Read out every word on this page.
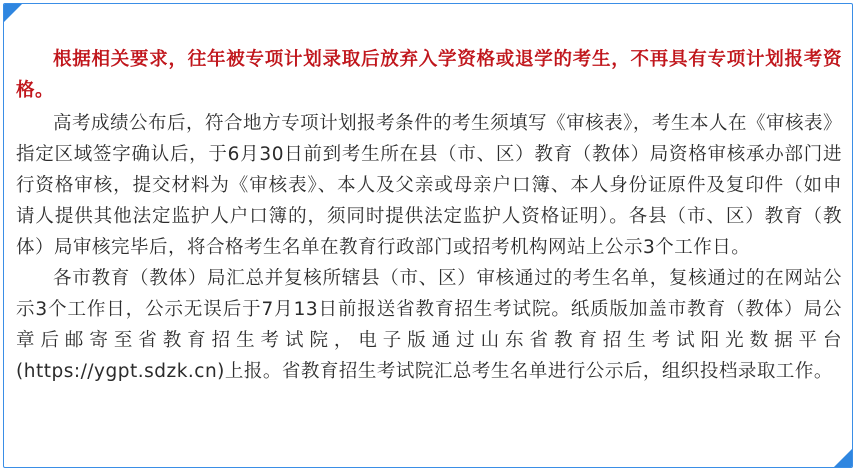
根据相关要求，往年被专项计划录取后放弃入学资格或退学的考生，不再具有专项计划报考资格。

高考成绩公布后，符合地方专项计划报考条件的考生须填写《审核表》，考生本人在《审核表》指定区域签字确认后，于6月30日前到考生所在县（市、区）教育（教体）局资格审核承办部门进行资格审核，提交材料为《审核表》、本人及父亲或母亲户口簿、本人身份证原件及复印件（如申请人提供其他法定监护人户口簿的，须同时提供法定监护人资格证明）。各县（市、区）教育（教体）局审核完毕后，将合格考生名单在教育行政部门或招考机构网站上公示3个工作日。

各市教育（教体）局汇总并复核所辖县（市、区）审核通过的考生名单，复核通过的在网站公示3个工作日，公示无误后于7月13日前报送省教育招生考试院。纸质版加盖市教育（教体）局公章后邮寄至省教育招生考试院，电子版通过山东省教育招生考试阳光数据平台(https://ygpt.sdzk.cn)上报。省教育招生考试院汇总考生名单进行公示后，组织投档录取工作。
